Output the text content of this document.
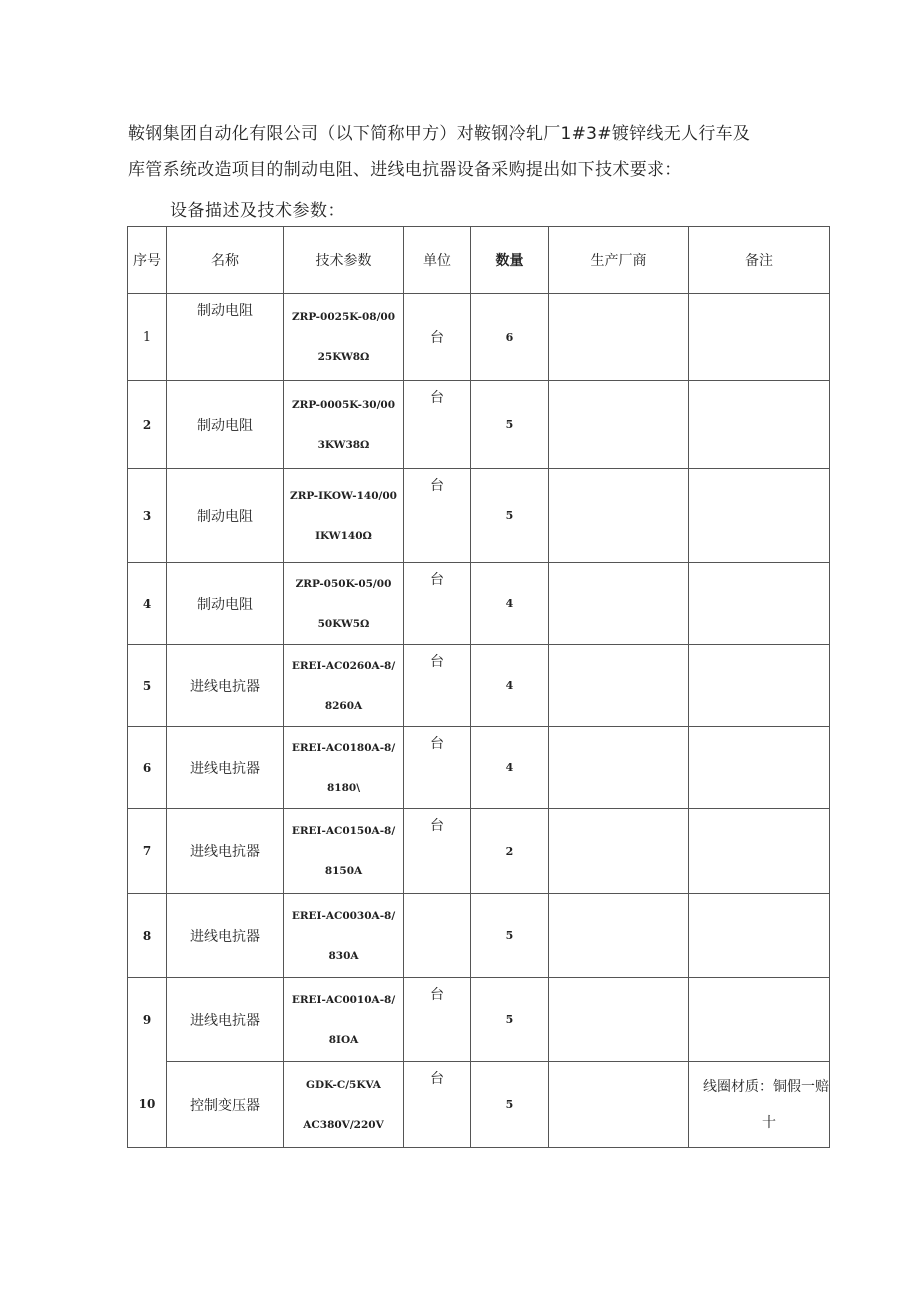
鞍钢集团自动化有限公司（以下简称甲方）对鞍钢冷轧厂1#3#镀锌线无人行车及

库管系统改造项目的制动电阻、进线电抗器设备采购提出如下技术要求：

设备描述及技术参数：
序号	名称	技术参数	单位	数量	生产厂商	备注
1	制动电阻	ZRP-0025K-08/00
25KW8Ω	台	6		

2	制动电阻	ZRP-0005K-30/00
3KW38Ω	台	5		

3	制动电阻	ZRP-IKOW-140/00
IKW140Ω	台	5		

4	制动电阻	ZRP-050K-05/00
50KW5Ω	台	4		

5	进线电抗器	EREI-AC0260A-8/
8260A	台	4		

6	进线电抗器	EREI-AC0180A-8/
8180\	台	4		

7	进线电抗器	EREI-AC0150A-8/
8150A	台	2		

8	进线电抗器	EREI-AC0030A-8/
830A		5		

9	进线电抗器	EREI-AC0010A-8/
8IOA	台	5		

10	控制变压器	GDK-C/5KVA
AC380V/220V	台	5		线圈材质：铜假一赔
十
